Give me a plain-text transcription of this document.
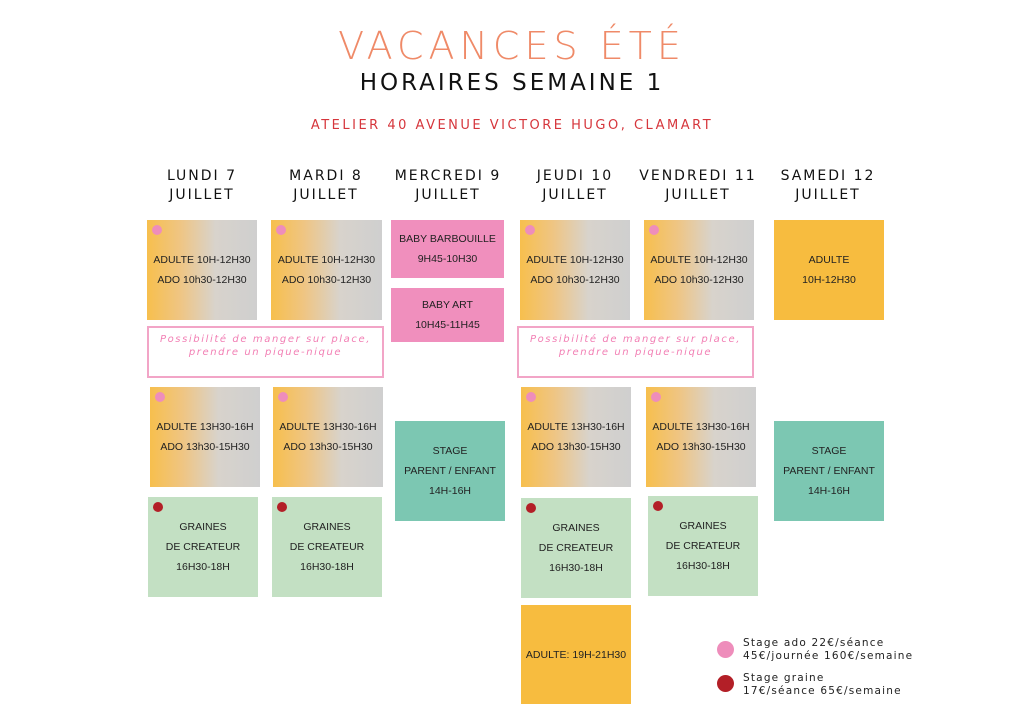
VACANCES ÉTÉ
HORAIRES SEMAINE 1
ATELIER 40 AVENUE VICTORE HUGO, CLAMART
LUNDI 7
JUILLET
MARDI 8
JUILLET
MERCREDI 9
JUILLET
JEUDI 10
JUILLET
VENDREDI 11
JUILLET
SAMEDI 12
JUILLET
ADULTE 10H-12H30
ADO 10h30-12H30
ADULTE 10H-12H30
ADO 10h30-12H30
BABY BARBOUILLE
9H45-10H30
BABY ART
10H45-11H45
ADULTE 10H-12H30
ADO 10h30-12H30
ADULTE 10H-12H30
ADO 10h30-12H30
ADULTE
10H-12H30
Possibilité de manger sur place,
prendre un pique-nique
Possibilité de manger sur place,
prendre un pique-nique
ADULTE 13H30-16H
ADO 13h30-15H30
ADULTE 13H30-16H
ADO 13h30-15H30	STAGE
PARENT / ENFANT
14H-16H
ADULTE 13H30-16H
ADO 13h30-15H30
ADULTE 13H30-16H
ADO 13h30-15H30	STAGE
PARENT / ENFANT
14H-16H
GRAINES
DE CREATEUR
16H30-18H
GRAINES
DE CREATEUR
16H30-18H
GRAINES
DE CREATEUR
16H30-18H
GRAINES
DE CREATEUR
16H30-18H
ADULTE: 19H-21H30
Stage ado 22€/séance
45€/journée 160€/semaine
Stage graine
17€/séance 65€/semaine
